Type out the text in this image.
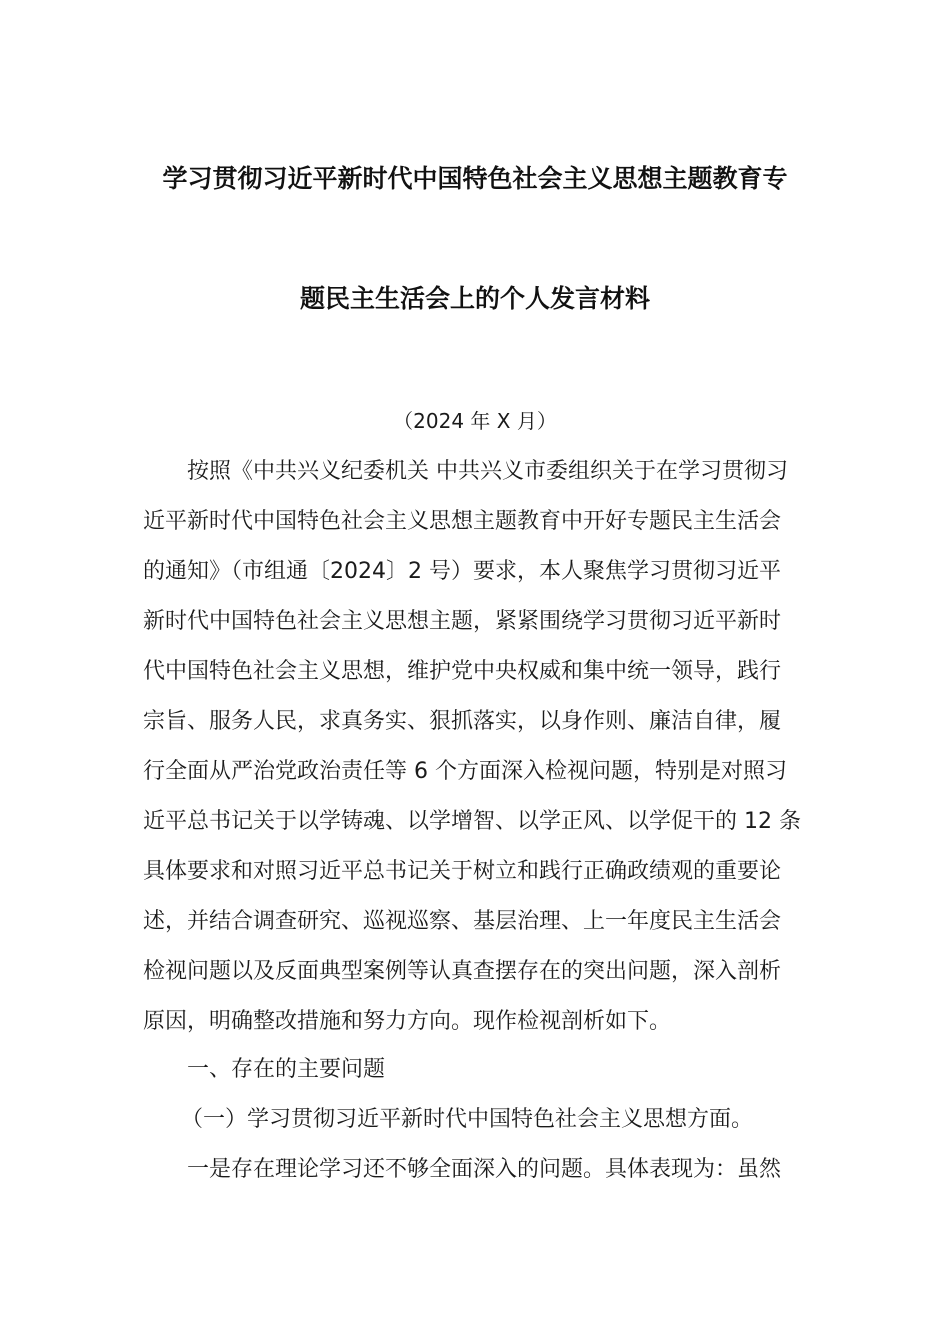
学习贯彻习近平新时代中国特色社会主义思想主题教育专
题民主生活会上的个人发言材料
（2024 年 X 月）
按照《中共兴义纪委机关 中共兴义市委组织关于在学习贯彻习
近平新时代中国特色社会主义思想主题教育中开好专题民主生活会
的通知》（市组通〔2024〕2 号）要求，本人聚焦学习贯彻习近平
新时代中国特色社会主义思想主题，紧紧围绕学习贯彻习近平新时
代中国特色社会主义思想，维护党中央权威和集中统一领导，践行
宗旨、服务人民，求真务实、狠抓落实，以身作则、廉洁自律，履
行全面从严治党政治责任等 6 个方面深入检视问题，特别是对照习
近平总书记关于以学铸魂、以学增智、以学正风、以学促干的 12 条
具体要求和对照习近平总书记关于树立和践行正确政绩观的重要论
述，并结合调查研究、巡视巡察、基层治理、上一年度民主生活会
检视问题以及反面典型案例等认真查摆存在的突出问题，深入剖析
原因，明确整改措施和努力方向。现作检视剖析如下。
一、存在的主要问题
（一）学习贯彻习近平新时代中国特色社会主义思想方面。
一是存在理论学习还不够全面深入的问题。具体表现为：虽然
